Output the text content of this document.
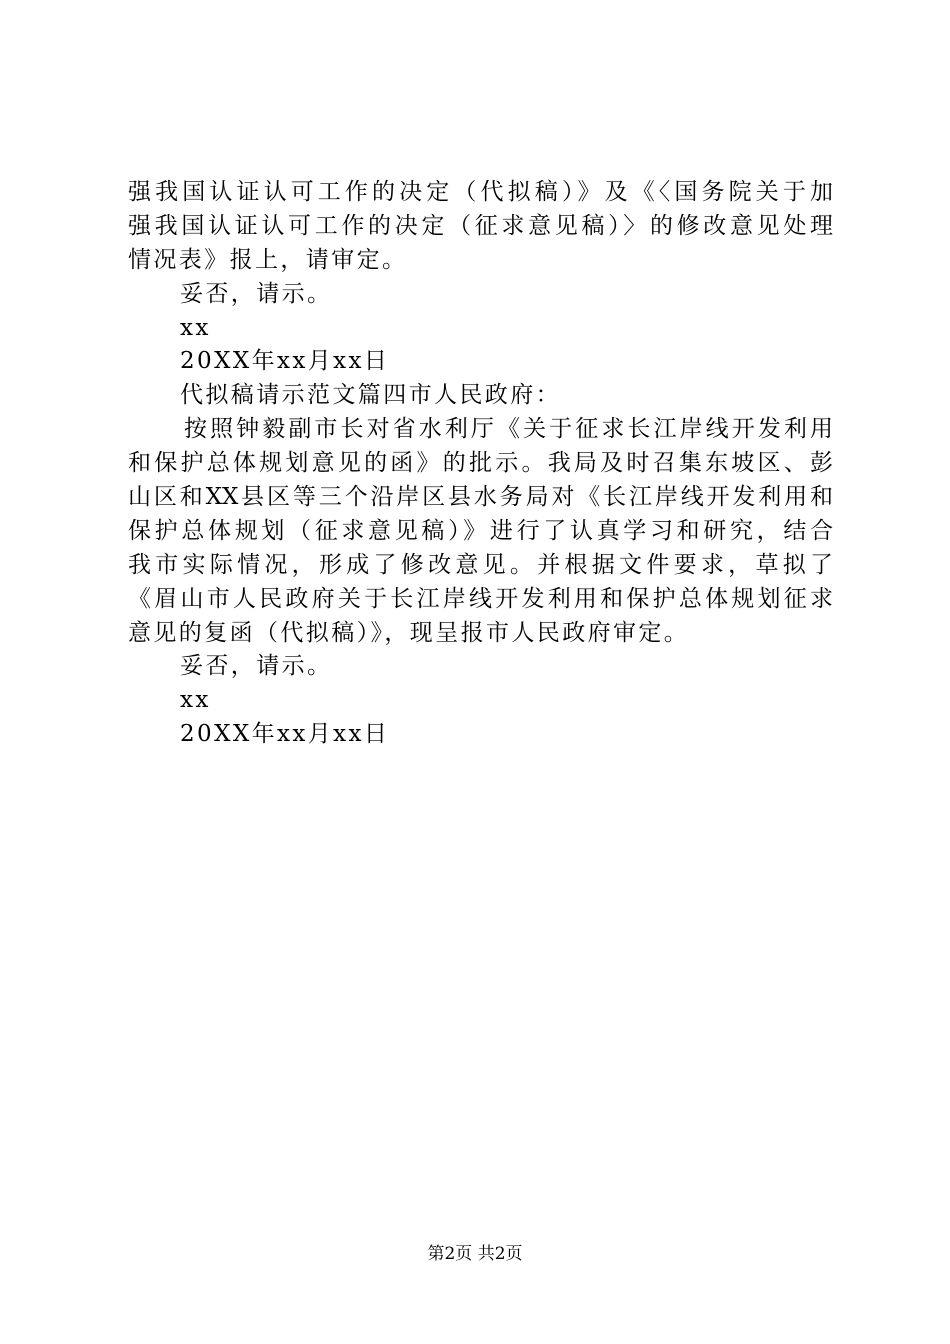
强我国认证认可工作的决定（代拟稿）》及《〈国务院关于加
强我国认证认可工作的决定（征求意见稿）〉的修改意见处理
情况表》报上，请审定。
妥否，请示。
xx
20XX年xx月xx日
代拟稿请示范文篇四市人民政府：
按照钟毅副市长对省水利厅《关于征求长江岸线开发利用
和保护总体规划意见的函》的批示。我局及时召集东坡区、彭
山区和XX县区等三个沿岸区县水务局对《长江岸线开发利用和
保护总体规划（征求意见稿）》进行了认真学习和研究，结合
我市实际情况，形成了修改意见。并根据文件要求，草拟了
《眉山市人民政府关于长江岸线开发利用和保护总体规划征求
意见的复函（代拟稿）》，现呈报市人民政府审定。
妥否，请示。
xx
20XX年xx月xx日
第2页 共2页
